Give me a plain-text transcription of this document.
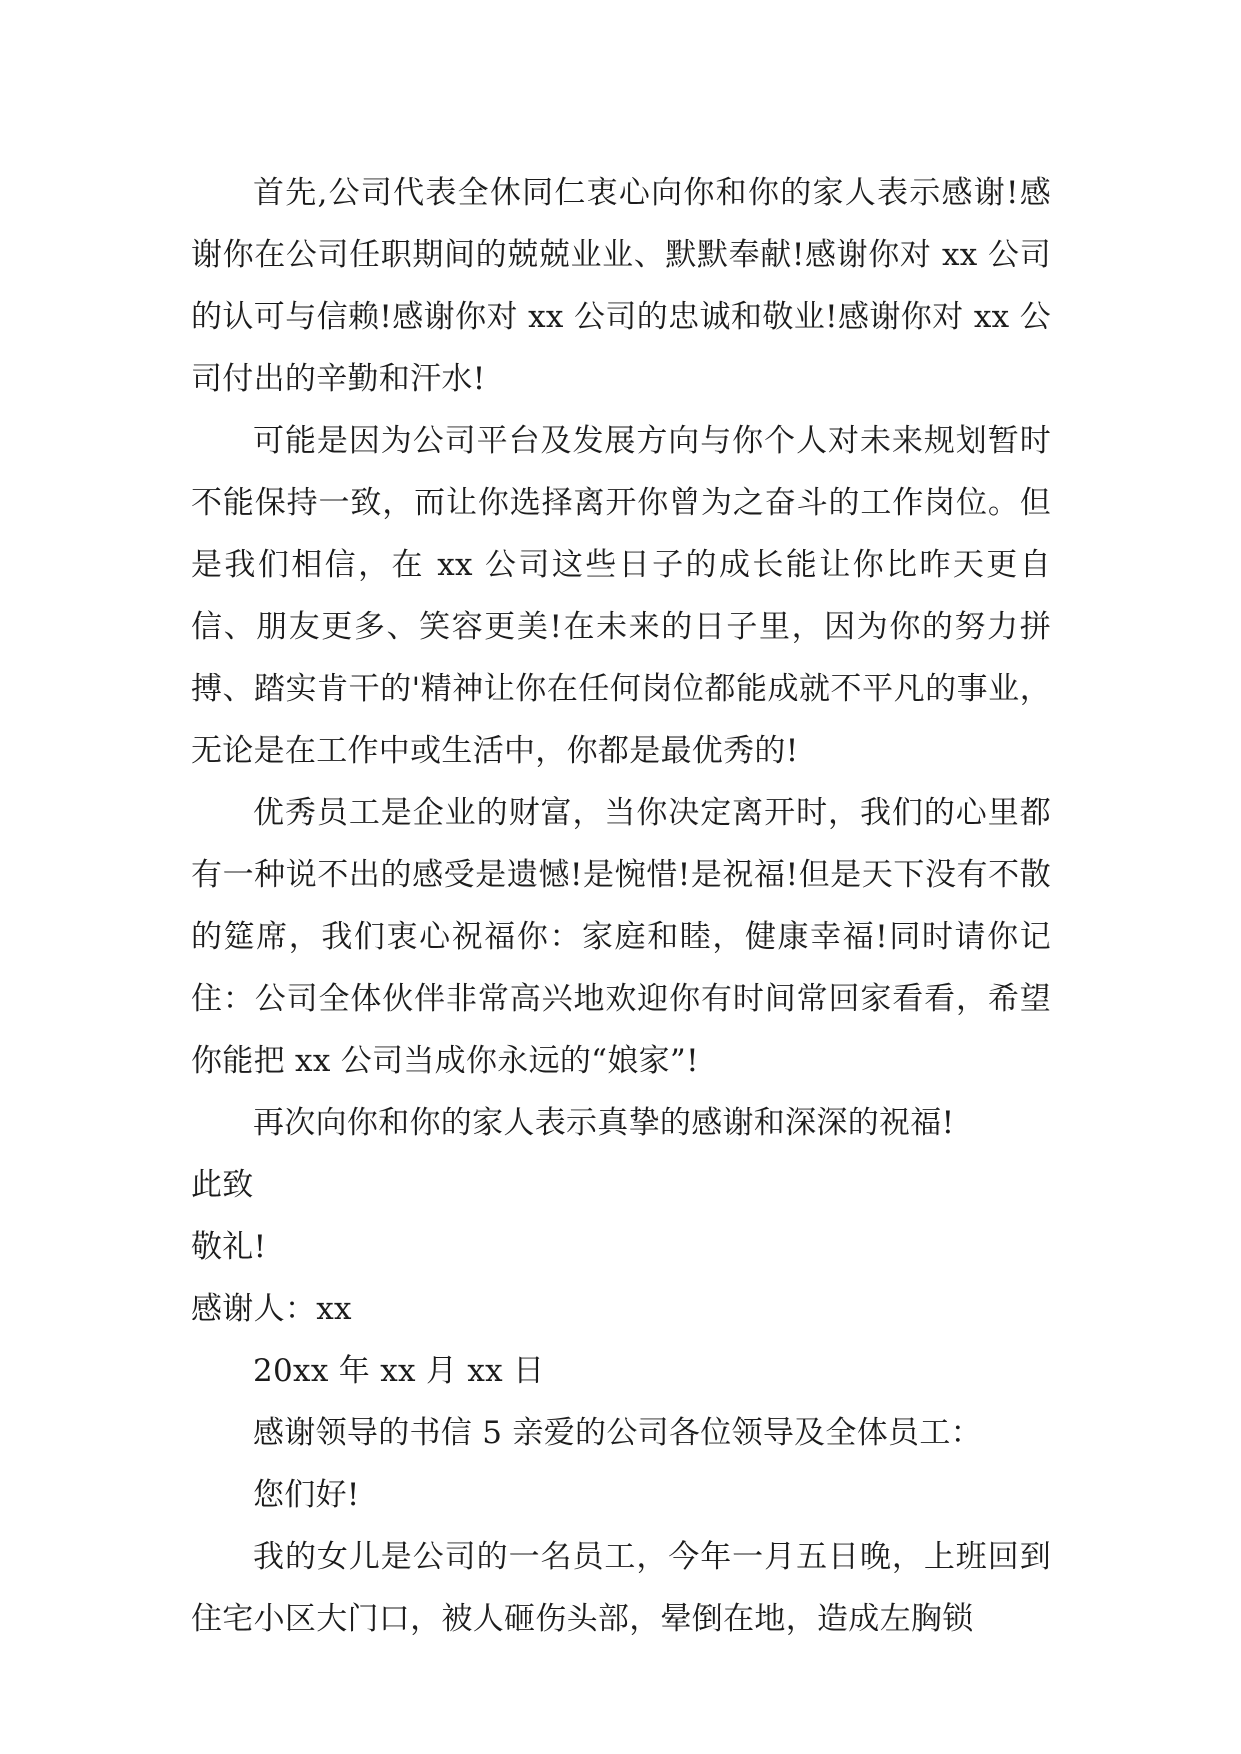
首先,公司代表全休同仁衷心向你和你的家人表示感谢!感谢你在公司任职期间的兢兢业业、默默奉献!感谢你对 xx 公司的认可与信赖!感谢你对 xx 公司的忠诚和敬业!感谢你对 xx 公司付出的辛勤和汗水!

可能是因为公司平台及发展方向与你个人对未来规划暂时不能保持一致，而让你选择离开你曾为之奋斗的工作岗位。但是我们相信，在 xx 公司这些日子的成长能让你比昨天更自信、朋友更多、笑容更美!在未来的日子里，因为你的努力拼搏、踏实肯干的'精神让你在任何岗位都能成就不平凡的事业，无论是在工作中或生活中，你都是最优秀的!

优秀员工是企业的财富，当你决定离开时，我们的心里都有一种说不出的感受是遗憾!是惋惜!是祝福!但是天下没有不散的筵席，我们衷心祝福你：家庭和睦，健康幸福!同时请你记住：公司全体伙伴非常高兴地欢迎你有时间常回家看看，希望你能把 xx 公司当成你永远的“娘家”!

再次向你和你的家人表示真挚的感谢和深深的祝福!

此致

敬礼!

感谢人：xx

20xx 年 xx 月 xx 日

感谢领导的书信 5 亲爱的公司各位领导及全体员工：

您们好!

我的女儿是公司的一名员工，今年一月五日晚，上班回到住宅小区大门口，被人砸伤头部，晕倒在地，造成左胸锁
